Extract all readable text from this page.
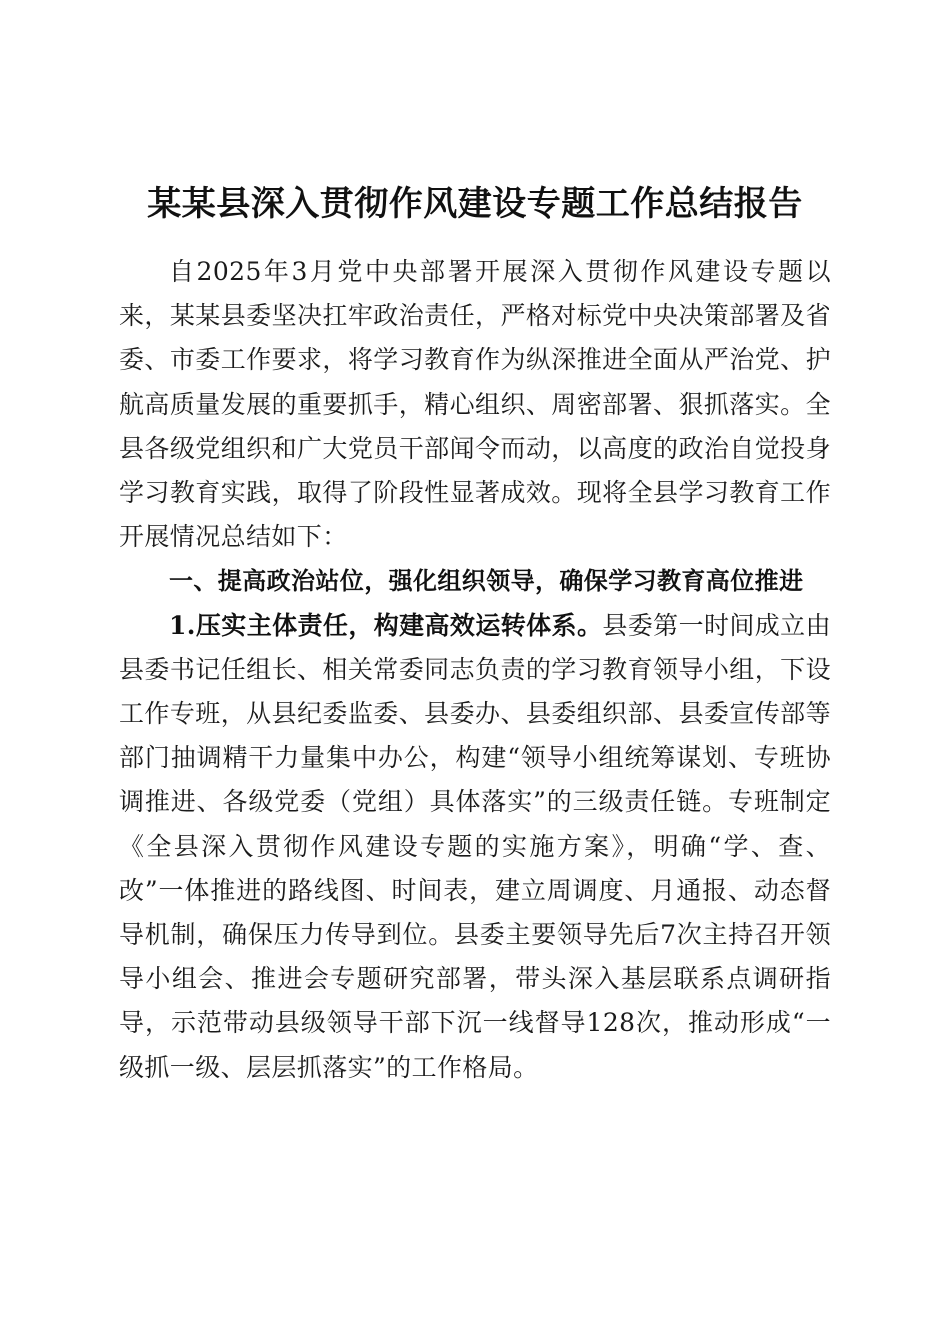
某某县深入贯彻作风建设专题工作总结报告

自2025年3月党中央部署开展深入贯彻作风建设专题以来，某某县委坚决扛牢政治责任，严格对标党中央决策部署及省委、市委工作要求，将学习教育作为纵深推进全面从严治党、护航高质量发展的重要抓手，精心组织、周密部署、狠抓落实。全县各级党组织和广大党员干部闻令而动，以高度的政治自觉投身学习教育实践，取得了阶段性显著成效。现将全县学习教育工作开展情况总结如下：

一、提高政治站位，强化组织领导，确保学习教育高位推进

1.压实主体责任，构建高效运转体系。县委第一时间成立由县委书记任组长、相关常委同志负责的学习教育领导小组，下设工作专班，从县纪委监委、县委办、县委组织部、县委宣传部等部门抽调精干力量集中办公，构建“领导小组统筹谋划、专班协调推进、各级党委（党组）具体落实”的三级责任链。专班制定《全县深入贯彻作风建设专题的实施方案》，明确“学、查、改”一体推进的路线图、时间表，建立周调度、月通报、动态督导机制，确保压力传导到位。县委主要领导先后7次主持召开领导小组会、推进会专题研究部署，带头深入基层联系点调研指导，示范带动县级领导干部下沉一线督导128次，推动形成“一级抓一级、层层抓落实”的工作格局。
